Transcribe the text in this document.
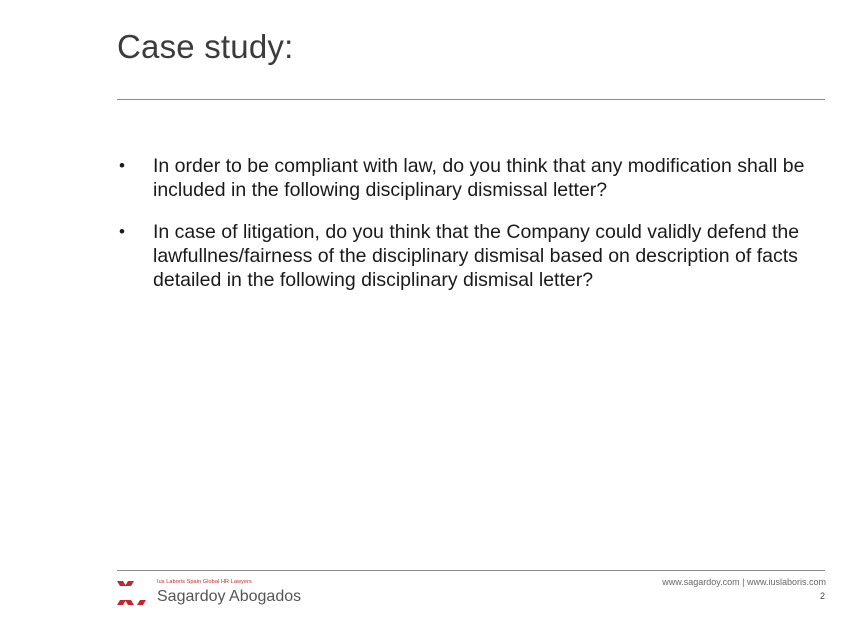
Case study:
• In order to be compliant with law, do you think that any modification shall be included in the following disciplinary dismissal letter?
• In case of litigation, do you think that the Company could validly defend the lawfullnes/fairness of the disciplinary dismisal based on description of facts detailed in the following disciplinary dismisal letter?
Ius Laboris Spain Global HR Lawyers
Sagardoy Abogados
www.sagardoy.com | www.iuslaboris.com
2
